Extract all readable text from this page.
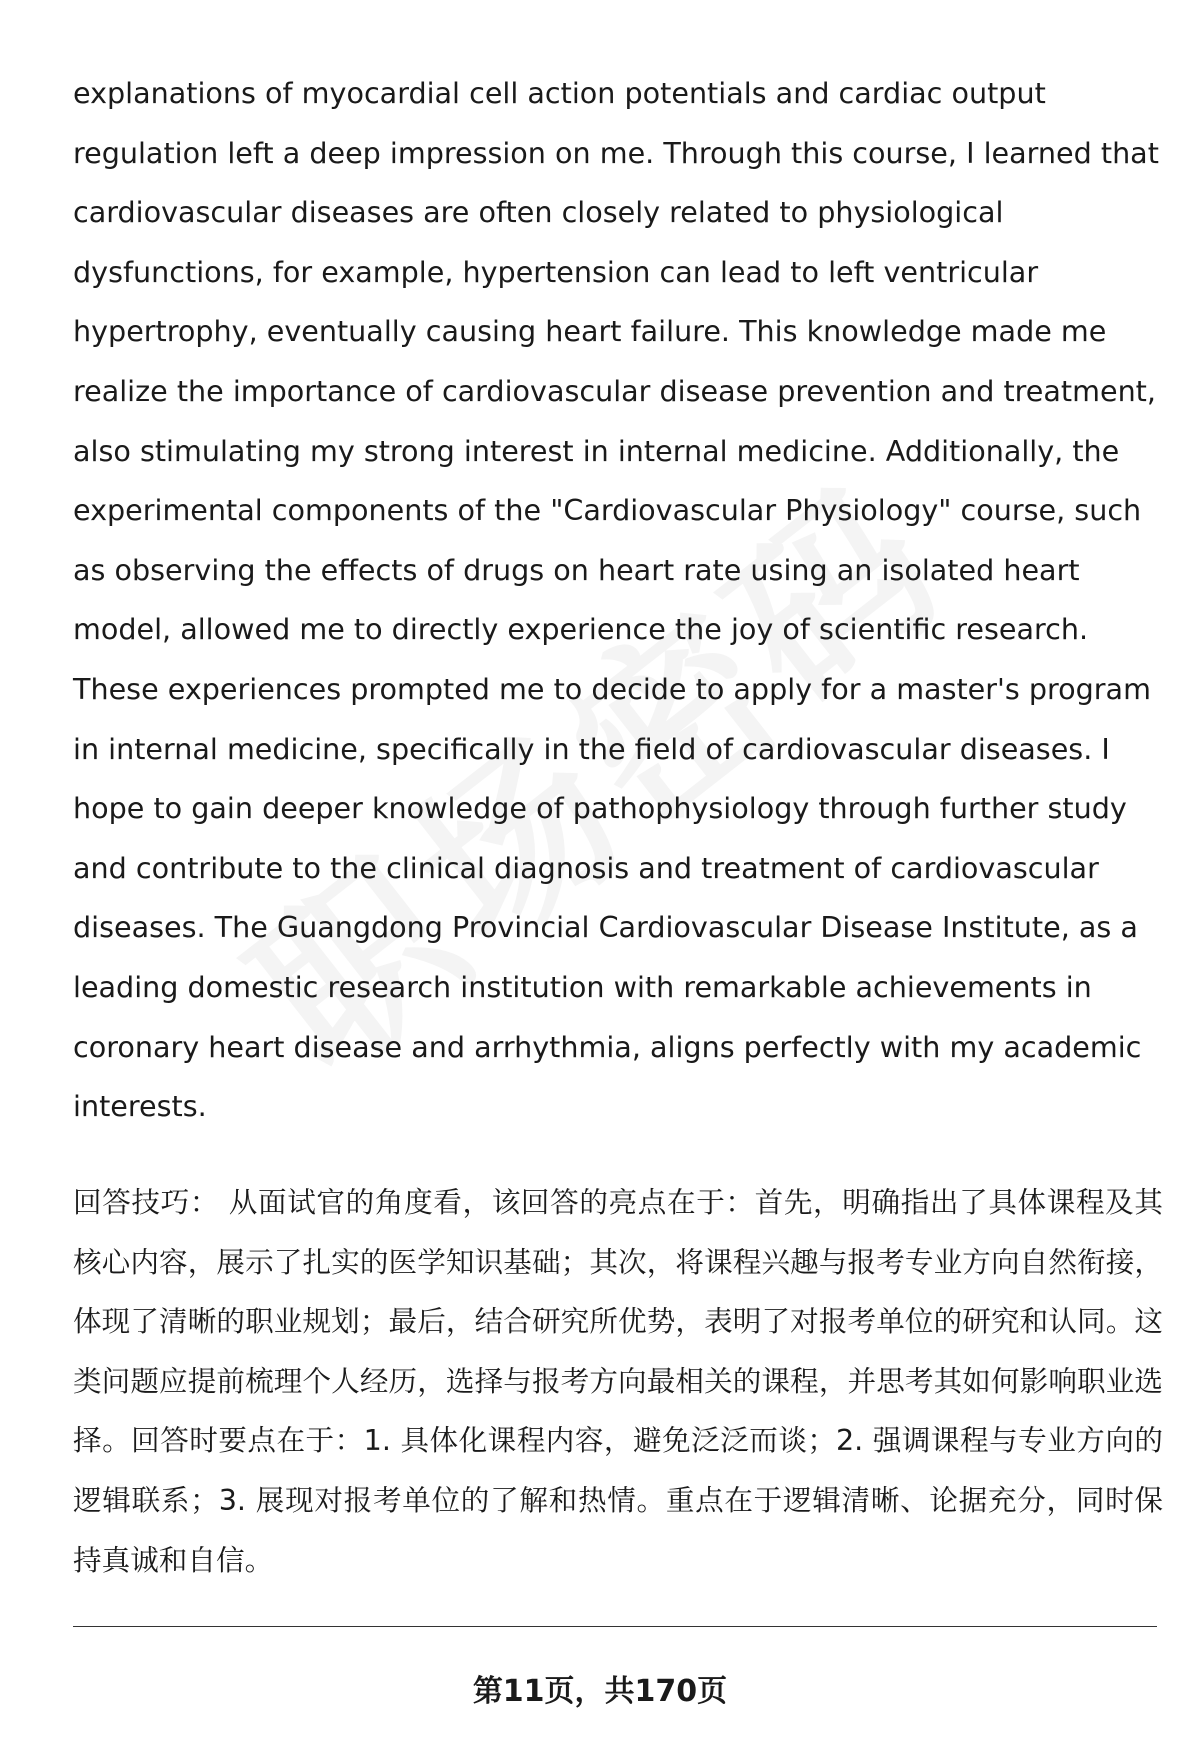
explanations of myocardial cell action potentials and cardiac output regulation left a deep impression on me. Through this course, I learned that cardiovascular diseases are often closely related to physiological dysfunctions, for example, hypertension can lead to left ventricular hypertrophy, eventually causing heart failure. This knowledge made me realize the importance of cardiovascular disease prevention and treatment, also stimulating my strong interest in internal medicine. Additionally, the experimental components of the "Cardiovascular Physiology" course, such as observing the effects of drugs on heart rate using an isolated heart model, allowed me to directly experience the joy of scientific research. These experiences prompted me to decide to apply for a master's program in internal medicine, specifically in the field of cardiovascular diseases. I hope to gain deeper knowledge of pathophysiology through further study and contribute to the clinical diagnosis and treatment of cardiovascular diseases. The Guangdong Provincial Cardiovascular Disease Institute, as a leading domestic research institution with remarkable achievements in coronary heart disease and arrhythmia, aligns perfectly with my academic interests.

回答技巧： 从面试官的角度看，该回答的亮点在于：首先，明确指出了具体课程及其核心内容，展示了扎实的医学知识基础；其次，将课程兴趣与报考专业方向自然衔接，体现了清晰的职业规划；最后，结合研究所优势，表明了对报考单位的研究和认同。这类问题应提前梳理个人经历，选择与报考方向最相关的课程，并思考其如何影响职业选择。回答时要点在于：1. 具体化课程内容，避免泛泛而谈；2. 强调课程与专业方向的逻辑联系；3. 展现对报考单位的了解和热情。重点在于逻辑清晰、论据充分，同时保持真诚和自信。

第11页，共170页
